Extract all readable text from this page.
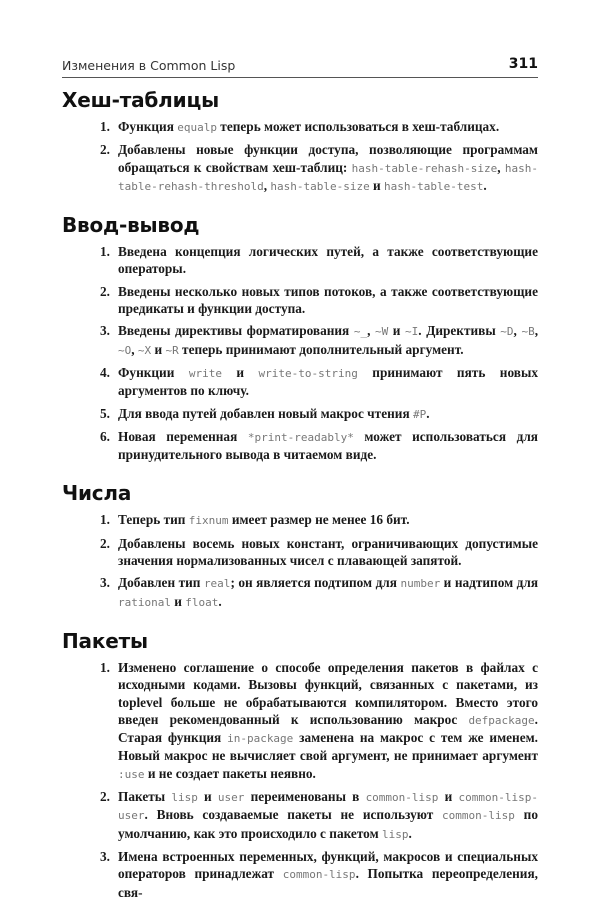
Изменения в Common Lisp	311
Хеш-таблицы
1. Функция equalp теперь может использоваться в хеш-таблицах.
2. Добавлены новые функции доступа, позволяющие программам обращаться к свойствам хеш-таблиц: hash-table-rehash-size, hash-table-rehash-threshold, hash-table-size и hash-table-test.
Ввод-вывод
1. Введена концепция логических путей, а также соответствующие операторы.
2. Введены несколько новых типов потоков, а также соответствующие предикаты и функции доступа.
3. Введены директивы форматирования ~_, ~W и ~I. Директивы ~D, ~B, ~O, ~X и ~R теперь принимают дополнительный аргумент.
4. Функции write и write-to-string принимают пять новых аргументов по ключу.
5. Для ввода путей добавлен новый макрос чтения #P.
6. Новая переменная *print-readably* может использоваться для принудительного вывода в читаемом виде.
Числа
1. Теперь тип fixnum имеет размер не менее 16 бит.
2. Добавлены восемь новых констант, ограничивающих допустимые значения нормализованных чисел с плавающей запятой.
3. Добавлен тип real; он является подтипом для number и надтипом для rational и float.
Пакеты
1. Изменено соглашение о способе определения пакетов в файлах с исходными кодами. Вызовы функций, связанных с пакетами, из toplevel больше не обрабатываются компилятором. Вместо этого введен рекомендованный к использованию макрос defpackage. Старая функция in-package заменена на макрос с тем же именем. Новый макрос не вычисляет свой аргумент, не принимает аргумент :use и не создает пакеты неявно.
2. Пакеты lisp и user переименованы в common-lisp и common-lisp-user. Вновь создаваемые пакеты не используют common-lisp по умолчанию, как это происходило с пакетом lisp.
3. Имена встроенных переменных, функций, макросов и специальных операторов принадлежат common-lisp. Попытка переопределения, свя-
